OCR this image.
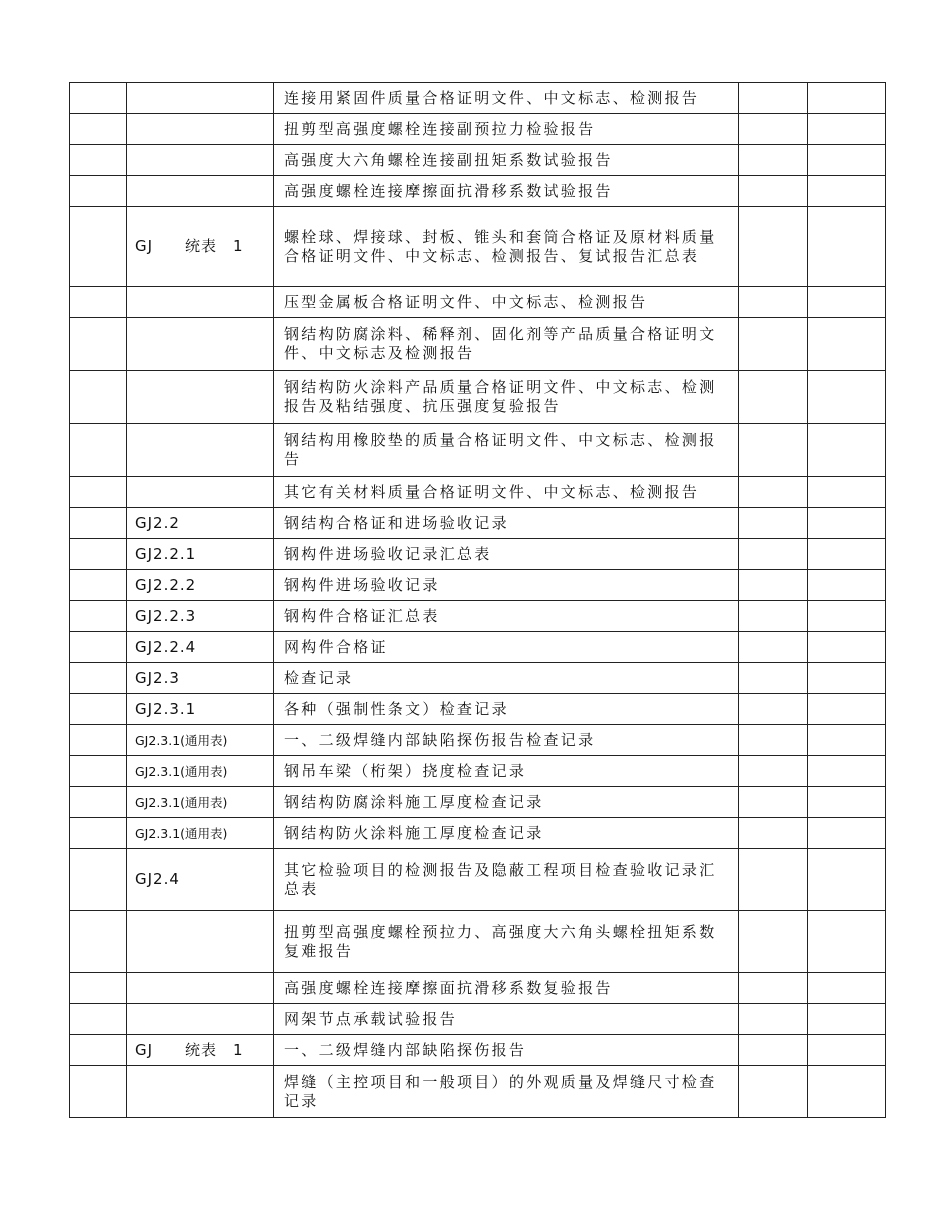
		连接用紧固件质量合格证明文件、中文标志、检测报告		
		扭剪型高强度螺栓连接副预拉力检验报告		
		高强度大六角螺栓连接副扭矩系数试验报告		
		高强度螺栓连接摩擦面抗滑移系数试验报告		
	GJ　　统表　1	螺栓球、焊接球、封板、锥头和套筒合格证及原材料质量合格证明文件、中文标志、检测报告、复试报告汇总表		
		压型金属板合格证明文件、中文标志、检测报告		
		钢结构防腐涂料、稀释剂、固化剂等产品质量合格证明文件、中文标志及检测报告		
		钢结构防火涂料产品质量合格证明文件、中文标志、检测报告及粘结强度、抗压强度复验报告		
		钢结构用橡胶垫的质量合格证明文件、中文标志、检测报告		
		其它有关材料质量合格证明文件、中文标志、检测报告		
	GJ2.2	钢结构合格证和进场验收记录		
	GJ2.2.1	钢构件进场验收记录汇总表		
	GJ2.2.2	钢构件进场验收记录		
	GJ2.2.3	钢构件合格证汇总表		
	GJ2.2.4	网构件合格证		
	GJ2.3	检查记录		
	GJ2.3.1	各种（强制性条文）检查记录		
	GJ2.3.1(通用表)	一、二级焊缝内部缺陷探伤报告检查记录		
	GJ2.3.1(通用表)	钢吊车梁（桁架）挠度检查记录		
	GJ2.3.1(通用表)	钢结构防腐涂料施工厚度检查记录		
	GJ2.3.1(通用表)	钢结构防火涂料施工厚度检查记录		
	GJ2.4	其它检验项目的检测报告及隐蔽工程项目检查验收记录汇总表		
		扭剪型高强度螺栓预拉力、高强度大六角头螺栓扭矩系数复难报告		
		高强度螺栓连接摩擦面抗滑移系数复验报告		
		网架节点承载试验报告		
	GJ　　统表　1	一、二级焊缝内部缺陷探伤报告		
		焊缝（主控项目和一般项目）的外观质量及焊缝尺寸检查记录		
